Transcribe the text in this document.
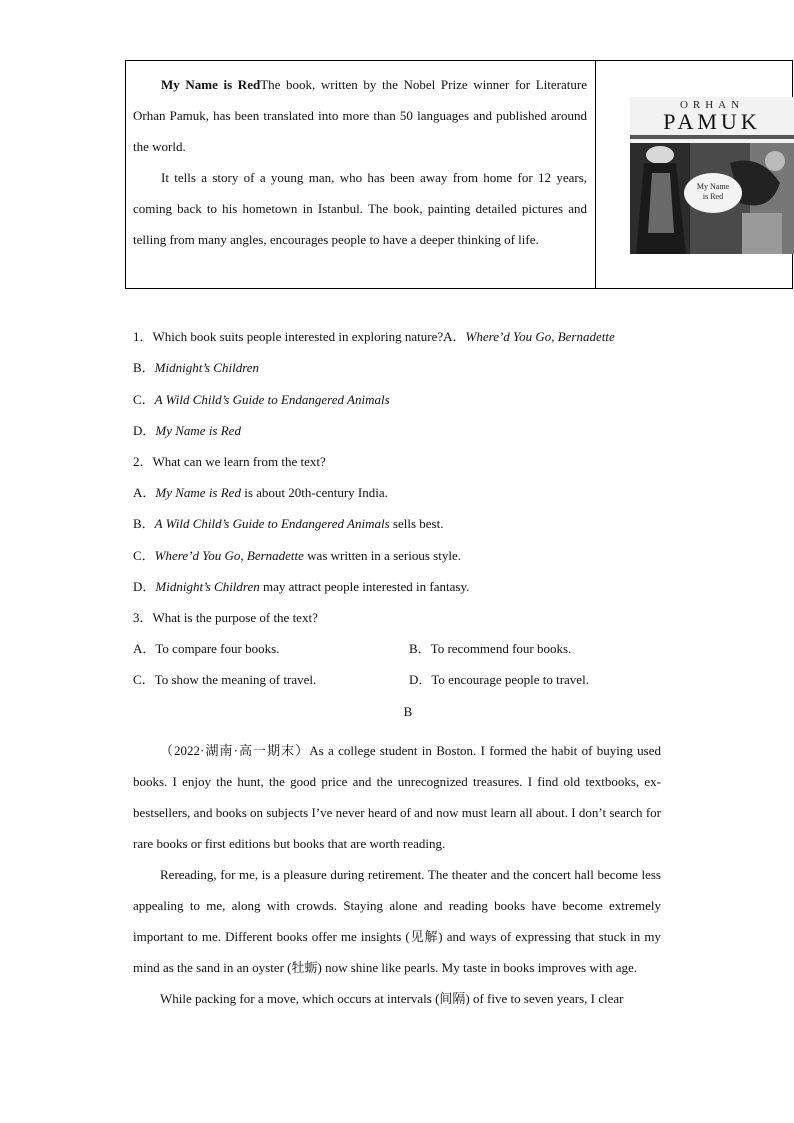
My Name is RedThe book, written by the Nobel Prize winner for Literature Orhan Pamuk, has been translated into more than 50 languages and published around the world.

It tells a story of a young man, who has been away from home for 12 years, coming back to his hometown in Istanbul. The book, painting detailed pictures and telling from many angles, encourages people to have a deeper thinking of life.

ORHAN
PAMUK
My Name
is Red
1．Which book suits people interested in exploring nature?A．Where’d You Go, Bernadette
B．Midnight’s Children
C．A Wild Child’s Guide to Endangered Animals
D．My Name is Red
2．What can we learn from the text?
A．My Name is Red is about 20th-century India.
B．A Wild Child’s Guide to Endangered Animals sells best.
C．Where’d You Go, Bernadette was written in a serious style.
D．Midnight’s Children may attract people interested in fantasy.
3．What is the purpose of the text?
A．To compare four books.	B．To recommend four books.
C．To show the meaning of travel.	D．To encourage people to travel.
B

（2022·湖南·高一期末）As a college student in Boston. I formed the habit of buying used books. I enjoy the hunt, the good price and the unrecognized treasures. I find old textbooks, ex-bestsellers, and books on subjects I’ve never heard of and now must learn all about. I don’t search for rare books or first editions but books that are worth reading.

Rereading, for me, is a pleasure during retirement. The theater and the concert hall become less appealing to me, along with crowds. Staying alone and reading books have become extremely important to me. Different books offer me insights (见解) and ways of expressing that stuck in my mind as the sand in an oyster (牡蛎) now shine like pearls. My taste in books improves with age.

While packing for a move, which occurs at intervals (间隔) of five to seven years, I clear
